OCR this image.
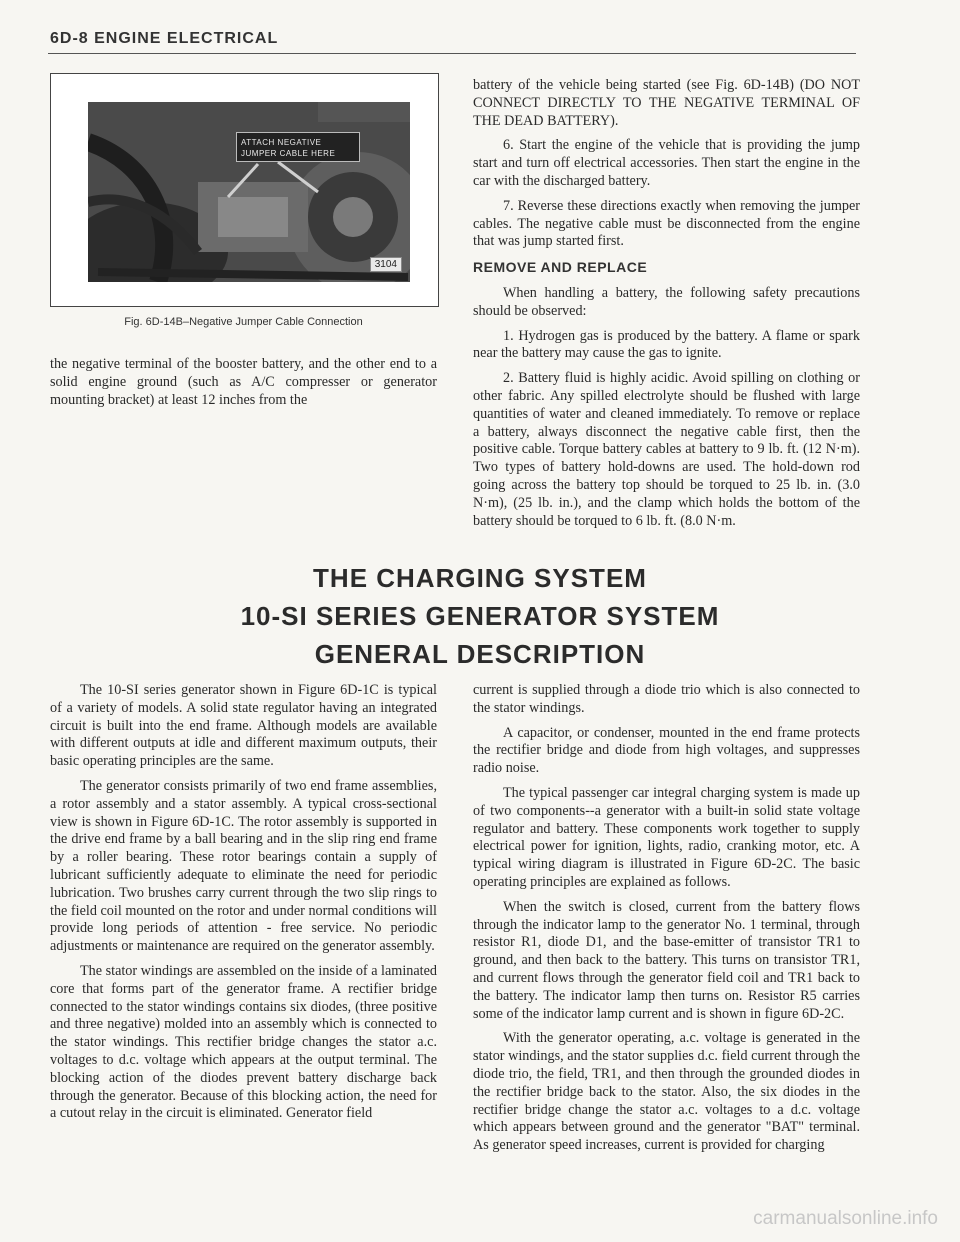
6D-8 ENGINE ELECTRICAL
ATTACH NEGATIVE
JUMPER CABLE HERE
3104
Fig. 6D-14B–Negative Jumper Cable Connection

the negative terminal of the booster battery, and the other end to a solid engine ground (such as A/C compresser or generator mounting bracket) at least 12 inches from the

battery of the vehicle being started (see Fig. 6D-14B) (DO NOT CONNECT DIRECTLY TO THE NEGATIVE TERMINAL OF THE DEAD BATTERY).

6. Start the engine of the vehicle that is providing the jump start and turn off electrical accessories. Then start the engine in the car with the discharged battery.

7. Reverse these directions exactly when removing the jumper cables. The negative cable must be disconnected from the engine that was jump started first.

REMOVE AND REPLACE

When handling a battery, the following safety precautions should be observed:

1. Hydrogen gas is produced by the battery. A flame or spark near the battery may cause the gas to ignite.

2. Battery fluid is highly acidic. Avoid spilling on clothing or other fabric. Any spilled electrolyte should be flushed with large quantities of water and cleaned immediately. To remove or replace a battery, always disconnect the negative cable first, then the positive cable. Torque battery cables at battery to 9 lb. ft. (12 N·m). Two types of battery hold-downs are used. The hold-down rod going across the battery top should be torqued to 25 lb. in. (3.0 N·m), (25 lb. in.), and the clamp which holds the bottom of the battery should be torqued to 6 lb. ft. (8.0 N·m.

THE CHARGING SYSTEM
10-SI SERIES GENERATOR SYSTEM
GENERAL DESCRIPTION

The 10-SI series generator shown in Figure 6D-1C is typical of a variety of models. A solid state regulator having an integrated circuit is built into the end frame. Although models are available with different outputs at idle and different maximum outputs, their basic operating principles are the same.

The generator consists primarily of two end frame assemblies, a rotor assembly and a stator assembly. A typical cross-sectional view is shown in Figure 6D-1C. The rotor assembly is supported in the drive end frame by a ball bearing and in the slip ring end frame by a roller bearing. These rotor bearings contain a supply of lubricant sufficiently adequate to eliminate the need for periodic lubrication. Two brushes carry current through the two slip rings to the field coil mounted on the rotor and under normal conditions will provide long periods of attention - free service. No periodic adjustments or maintenance are required on the generator assembly.

The stator windings are assembled on the inside of a laminated core that forms part of the generator frame. A rectifier bridge connected to the stator windings contains six diodes, (three positive and three negative) molded into an assembly which is connected to the stator windings. This rectifier bridge changes the stator a.c. voltages to d.c. voltage which appears at the output terminal. The blocking action of the diodes prevent battery discharge back through the generator. Because of this blocking action, the need for a cutout relay in the circuit is eliminated. Generator field

current is supplied through a diode trio which is also connected to the stator windings.

A capacitor, or condenser, mounted in the end frame protects the rectifier bridge and diode from high voltages, and suppresses radio noise.

The typical passenger car integral charging system is made up of two components--a generator with a built-in solid state voltage regulator and battery. These components work together to supply electrical power for ignition, lights, radio, cranking motor, etc. A typical wiring diagram is illustrated in Figure 6D-2C. The basic operating principles are explained as follows.

When the switch is closed, current from the battery flows through the indicator lamp to the generator No. 1 terminal, through resistor R1, diode D1, and the base-emitter of transistor TR1 to ground, and then back to the battery. This turns on transistor TR1, and current flows through the generator field coil and TR1 back to the battery. The indicator lamp then turns on. Resistor R5 carries some of the indicator lamp current and is shown in figure 6D-2C.

With the generator operating, a.c. voltage is generated in the stator windings, and the stator supplies d.c. field current through the diode trio, the field, TR1, and then through the grounded diodes in the rectifier bridge back to the stator. Also, the six diodes in the rectifier bridge change the stator a.c. voltages to a d.c. voltage which appears between ground and the generator "BAT" terminal. As generator speed increases, current is provided for charging

carmanualsonline.info
